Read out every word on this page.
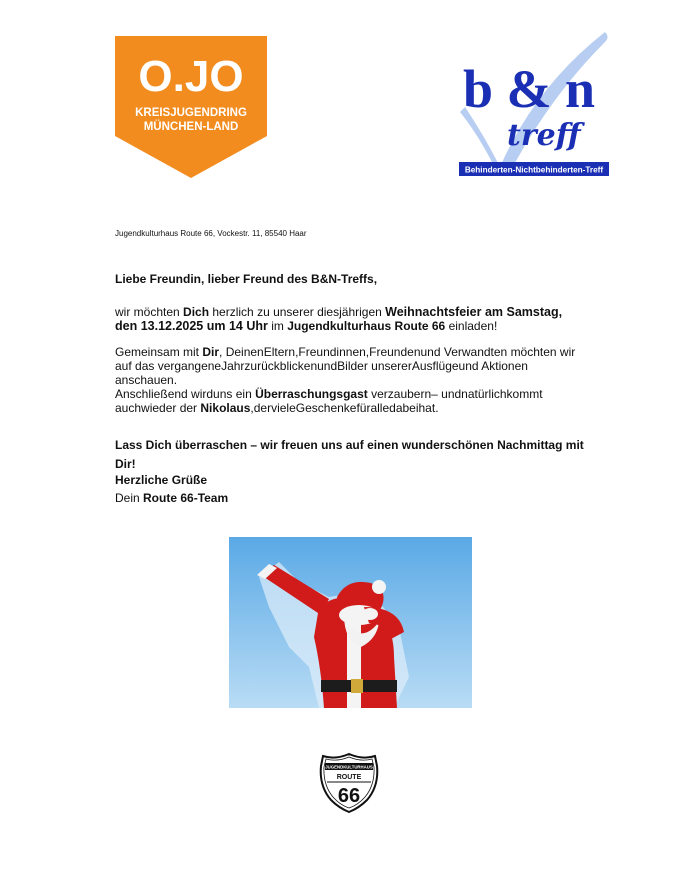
O.JO
KREISJUGENDRING
MÜNCHEN-LAND
b & n
treff
Behinderten-Nichtbehinderten-Treff
Jugendkulturhaus Route 66, Vockestr. 11, 85540 Haar
Liebe Freundin, lieber Freund des B&N-Treffs,
wir möchten Dich herzlich zu unserer diesjährigen Weihnachtsfeier am Samstag, den 13.12.2025 um 14 Uhr im Jugendkulturhaus Route 66 einladen!
Gemeinsam mit Dir, DeinenEltern,Freundinnen,Freundenund Verwandten möchten wir auf das vergangeneJahrzurückblickenundBilder unsererAusflügeund Aktionen anschauen.
Anschließend wirduns ein Überraschungsgast verzaubern– undnatürlichkommt auchwieder der Nikolaus,dervieleGeschenkefüralledabeihat.
Lass Dich überraschen – wir freuen uns auf einen wunderschönen Nachmittag mit Dir!
Herzliche Grüße
Dein Route 66-Team
JUGENDKULTURHAUS
ROUTE
66
